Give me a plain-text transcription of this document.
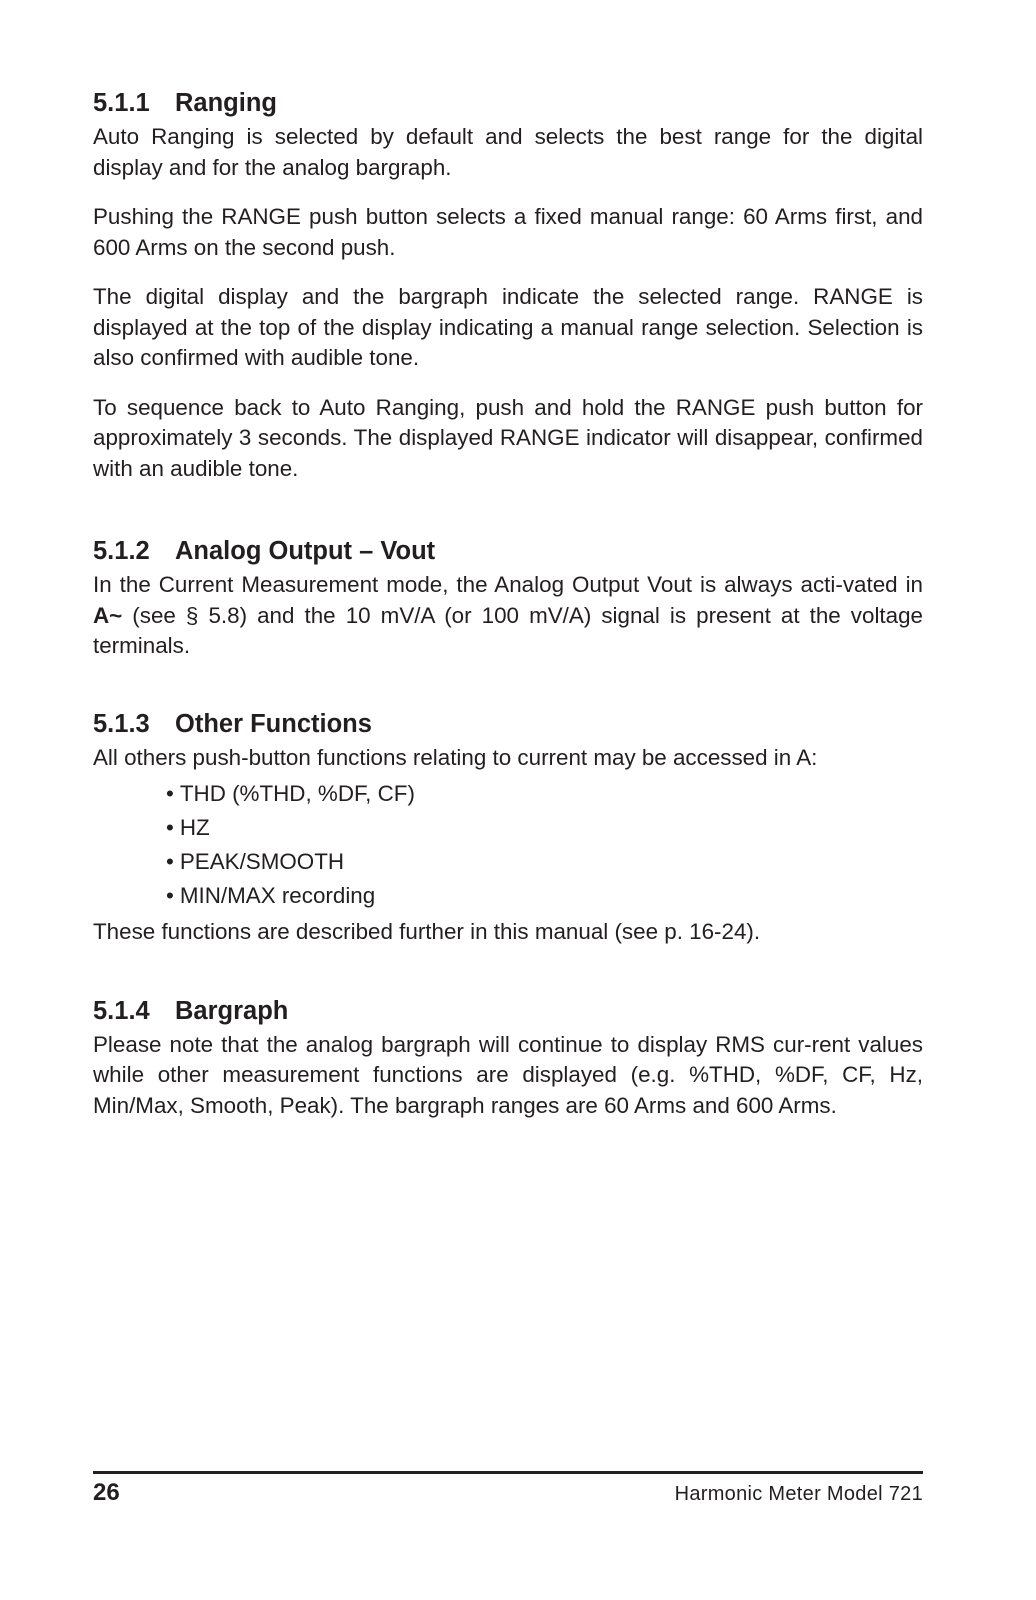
5.1.1 Ranging

Auto Ranging is selected by default and selects the best range for the digital display and for the analog bargraph.

Pushing the RANGE push button selects a fixed manual range: 60 Arms first, and 600 Arms on the second push.

The digital display and the bargraph indicate the selected range. RANGE is displayed at the top of the display indicating a manual range selection. Selection is also confirmed with audible tone.

To sequence back to Auto Ranging, push and hold the RANGE push button for approximately 3 seconds. The displayed RANGE indicator will disappear, confirmed with an audible tone.

5.1.2 Analog Output – Vout

In the Current Measurement mode, the Analog Output Vout is always acti-vated in A~ (see § 5.8) and the 10 mV/A (or 100 mV/A) signal is present at the voltage terminals.

5.1.3 Other Functions

All others push-button functions relating to current may be accessed in A:

• THD (%THD, %DF, CF)
• HZ
• PEAK/SMOOTH
• MIN/MAX recording

These functions are described further in this manual (see p. 16-24).

5.1.4 Bargraph

Please note that the analog bargraph will continue to display RMS cur-rent values while other measurement functions are displayed (e.g. %THD, %DF, CF, Hz, Min/Max, Smooth, Peak). The bargraph ranges are 60 Arms and 600 Arms.

26	Harmonic Meter Model 721
